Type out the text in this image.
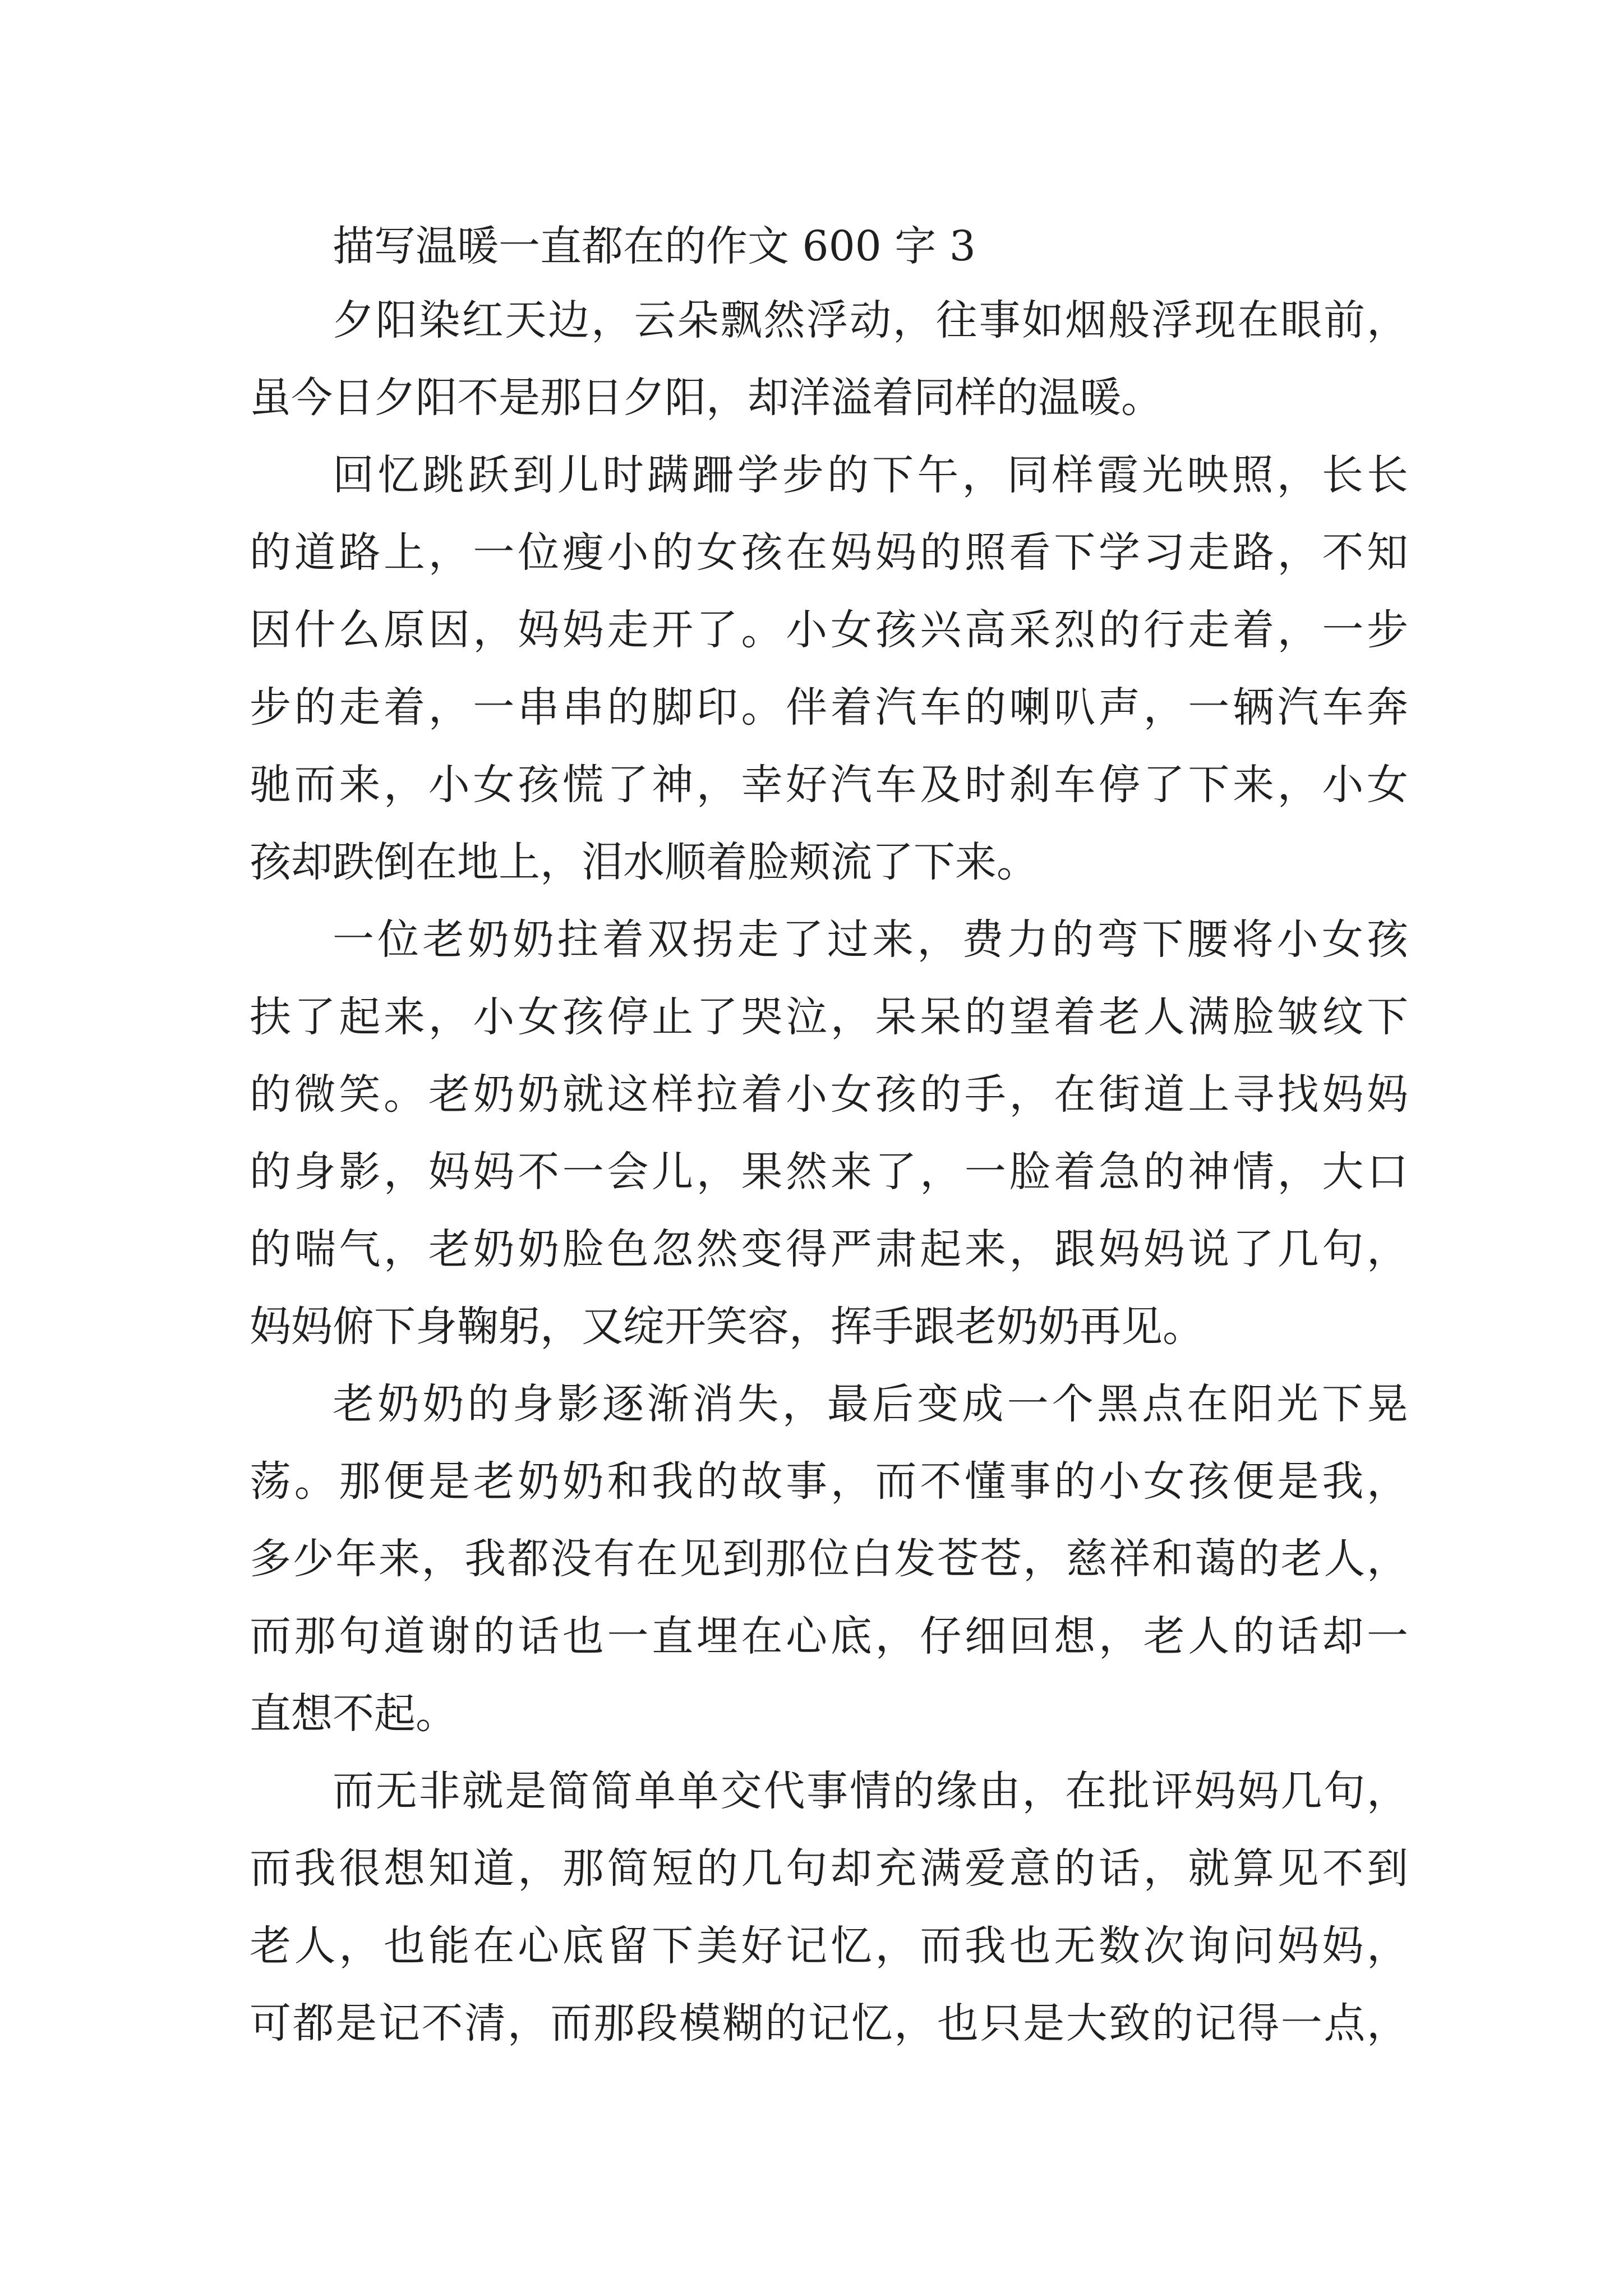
描写温暖一直都在的作文 600 字 3
夕阳染红天边，云朵飘然浮动，往事如烟般浮现在眼前，
虽今日夕阳不是那日夕阳，却洋溢着同样的温暖。
回忆跳跃到儿时蹒跚学步的下午，同样霞光映照，长长
的道路上，一位瘦小的女孩在妈妈的照看下学习走路，不知
因什么原因，妈妈走开了。小女孩兴高采烈的行走着，一步
步的走着，一串串的脚印。伴着汽车的喇叭声，一辆汽车奔
驰而来，小女孩慌了神，幸好汽车及时刹车停了下来，小女
孩却跌倒在地上，泪水顺着脸颊流了下来。
一位老奶奶拄着双拐走了过来，费力的弯下腰将小女孩
扶了起来，小女孩停止了哭泣，呆呆的望着老人满脸皱纹下
的微笑。老奶奶就这样拉着小女孩的手，在街道上寻找妈妈
的身影，妈妈不一会儿，果然来了，一脸着急的神情，大口
的喘气，老奶奶脸色忽然变得严肃起来，跟妈妈说了几句，
妈妈俯下身鞠躬，又绽开笑容，挥手跟老奶奶再见。
老奶奶的身影逐渐消失，最后变成一个黑点在阳光下晃
荡。那便是老奶奶和我的故事，而不懂事的小女孩便是我，
多少年来，我都没有在见到那位白发苍苍，慈祥和蔼的老人，
而那句道谢的话也一直埋在心底，仔细回想，老人的话却一
直想不起。
而无非就是简简单单交代事情的缘由，在批评妈妈几句，
而我很想知道，那简短的几句却充满爱意的话，就算见不到
老人，也能在心底留下美好记忆，而我也无数次询问妈妈，
可都是记不清，而那段模糊的记忆，也只是大致的记得一点，
